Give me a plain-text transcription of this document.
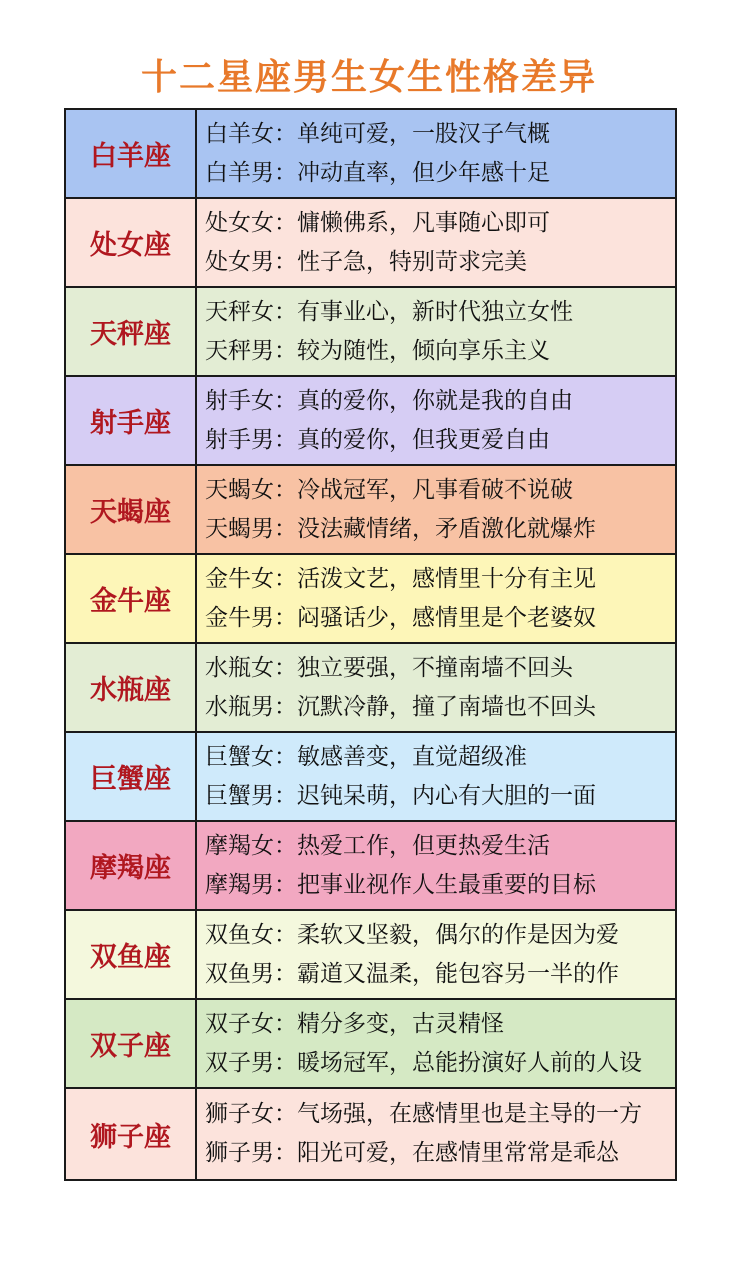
十二星座男生女生性格差异
白羊座
白羊女：单纯可爱，一股汉子气概
白羊男：冲动直率，但少年感十足
处女座
处女女：慵懒佛系，凡事随心即可
处女男：性子急，特别苛求完美
天秤座
天秤女：有事业心，新时代独立女性
天秤男：较为随性，倾向享乐主义
射手座
射手女：真的爱你，你就是我的自由
射手男：真的爱你，但我更爱自由
天蝎座
天蝎女：冷战冠军，凡事看破不说破
天蝎男：没法藏情绪，矛盾激化就爆炸
金牛座
金牛女：活泼文艺，感情里十分有主见
金牛男：闷骚话少，感情里是个老婆奴
水瓶座
水瓶女：独立要强，不撞南墙不回头
水瓶男：沉默冷静，撞了南墙也不回头
巨蟹座
巨蟹女：敏感善变，直觉超级准
巨蟹男：迟钝呆萌，内心有大胆的一面
摩羯座
摩羯女：热爱工作，但更热爱生活
摩羯男：把事业视作人生最重要的目标
双鱼座
双鱼女：柔软又坚毅，偶尔的作是因为爱
双鱼男：霸道又温柔，能包容另一半的作
双子座
双子女：精分多变，古灵精怪
双子男：暖场冠军，总能扮演好人前的人设
狮子座
狮子女：气场强，在感情里也是主导的一方
狮子男：阳光可爱，在感情里常常是乖怂
